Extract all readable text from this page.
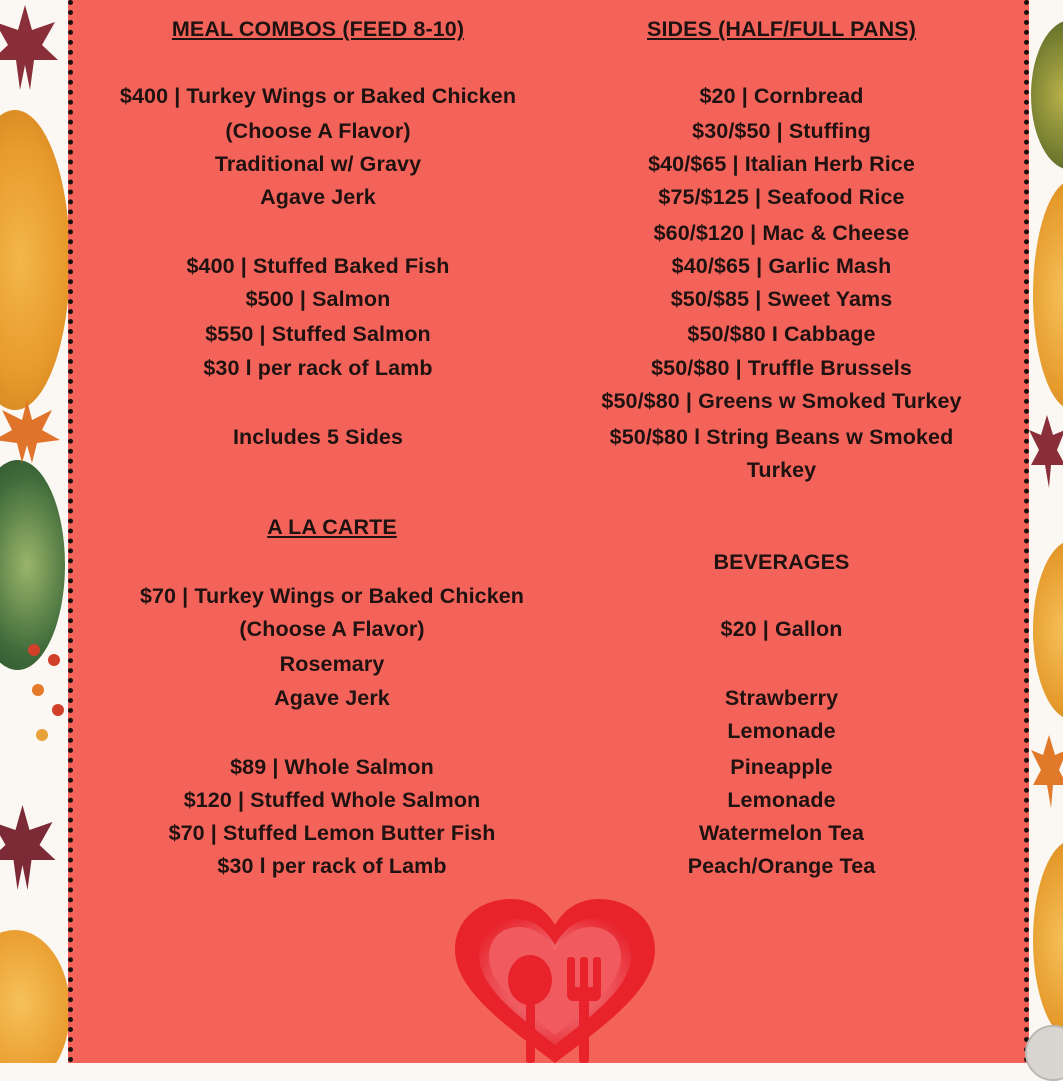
MEAL COMBOS (FEED 8-10)
$400 | Turkey Wings or Baked Chicken
(Choose A Flavor)
Traditional w/ Gravy
Agave Jerk
$400 | Stuffed Baked Fish
$500 | Salmon
$550 | Stuffed Salmon
$30 l per rack of Lamb
Includes 5 Sides
A LA CARTE
$70 | Turkey Wings or Baked Chicken
(Choose A Flavor)
Rosemary
Agave Jerk
$89 | Whole Salmon
$120 | Stuffed Whole Salmon
$70 | Stuffed Lemon Butter Fish
$30 l per rack of Lamb
SIDES (HALF/FULL PANS)
$20 | Cornbread
$30/$50 | Stuffing
$40/$65 | Italian Herb Rice
$75/$125 | Seafood Rice
$60/$120 | Mac & Cheese
$40/$65 | Garlic Mash
$50/$85 | Sweet Yams
$50/$80 I Cabbage
$50/$80 | Truffle Brussels
$50/$80 | Greens w Smoked Turkey
$50/$80 l String Beans w Smoked
Turkey
BEVERAGES
$20 | Gallon
Strawberry
Lemonade
Pineapple
Lemonade
Watermelon Tea
Peach/Orange Tea
